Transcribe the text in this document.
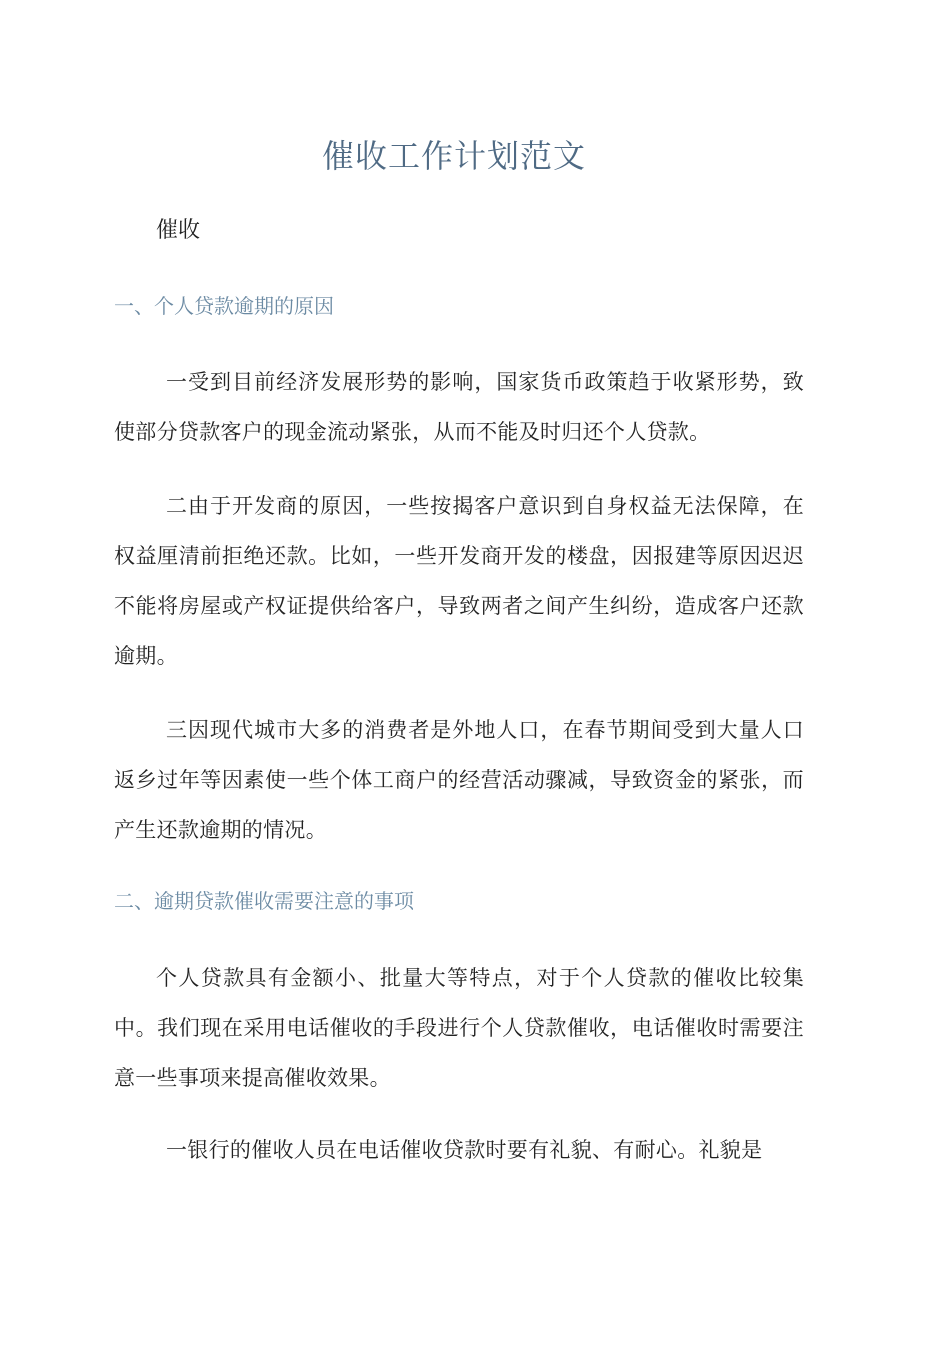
催收工作计划范文

催收

一、个人贷款逾期的原因

一受到目前经济发展形势的影响，国家货币政策趋于收紧形势，致使部分贷款客户的现金流动紧张，从而不能及时归还个人贷款。

二由于开发商的原因，一些按揭客户意识到自身权益无法保障，在权益厘清前拒绝还款。比如，一些开发商开发的楼盘，因报建等原因迟迟不能将房屋或产权证提供给客户，导致两者之间产生纠纷，造成客户还款逾期。

三因现代城市大多的消费者是外地人口，在春节期间受到大量人口返乡过年等因素使一些个体工商户的经营活动骤减，导致资金的紧张，而产生还款逾期的情况。

二、逾期贷款催收需要注意的事项

个人贷款具有金额小、批量大等特点，对于个人贷款的催收比较集中。我们现在采用电话催收的手段进行个人贷款催收，电话催收时需要注意一些事项来提高催收效果。

一银行的催收人员在电话催收贷款时要有礼貌、有耐心。礼貌是
